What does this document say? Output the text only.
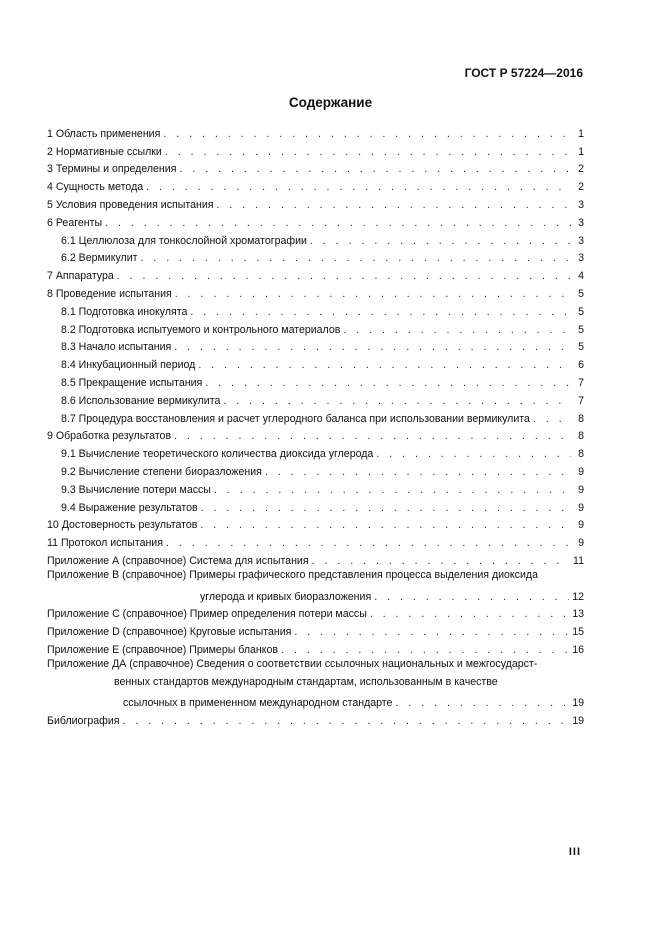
ГОСТ Р 57224—2016
Содержание
1 Область применения . . .	1
2 Нормативные ссылки . . .	1
3 Термины и определения . . .	2
4 Сущность метода . . .	2
5 Условия проведения испытания . . .	3
6 Реагенты . . .	3
6.1 Целлюлоза для тонкослойной хроматографии . . .	3
6.2 Вермикулит . . .	3
7 Аппаратура . . .	4
8 Проведение испытания . . .	5
8.1 Подготовка инокулята . . .	5
8.2 Подготовка испытуемого и контрольного материалов . . .	5
8.3 Начало испытания . . .	5
8.4 Инкубационный период . . .	6
8.5 Прекращение испытания . . .	7
8.6 Использование вермикулита . . .	7
8.7 Процедура восстановления и расчет углеродного баланса при использовании вермикулита . . .	8
9 Обработка результатов . . .	8
9.1 Вычисление теоретического количества диоксида углерода . . .	8
9.2 Вычисление степени биоразложения . . .	9
9.3 Вычисление потери массы . . .	9
9.4 Выражение результатов . . .	9
10 Достоверность результатов . . .	9
11 Протокол испытания . . .	9
Приложение А (справочное) Система для испытания . . .	11
Приложение В (справочное) Примеры графического представления процесса выделения диоксида
углерода и кривых биоразложения . . .	12
Приложение С (справочное) Пример определения потери массы . . .	13
Приложение D (справочное) Круговые испытания . . .	15
Приложение Е (справочное) Примеры бланков . . .	16
Приложение ДА (справочное) Сведения о соответствии ссылочных национальных и межгосударст-
венных стандартов международным стандартам, использованным в качестве
ссылочных в примененном международном стандарте . . .	19
Библиография . . .	19
III
